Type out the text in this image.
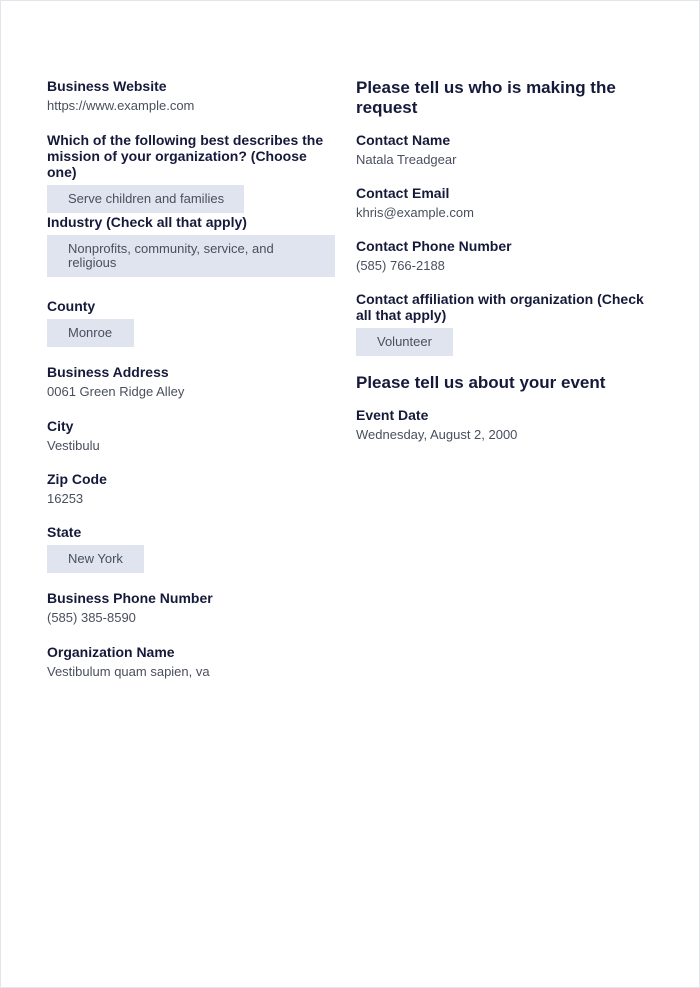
Business Website
https://www.example.com
Which of the following best describes the mission of your organization? (Choose one)
Serve children and families
Industry (Check all that apply)
Nonprofits, community, service, and religious
County
Monroe
Business Address
0061 Green Ridge Alley
City
Vestibulu
Zip Code
16253
State
New York
Business Phone Number
(585) 385-8590
Organization Name
Vestibulum quam sapien, va
Please tell us who is making the request
Contact Name
Natala Treadgear
Contact Email
khris@example.com
Contact Phone Number
(585) 766-2188
Contact affiliation with organization (Check all that apply)
Volunteer
Please tell us about your event
Event Date
Wednesday, August 2, 2000
